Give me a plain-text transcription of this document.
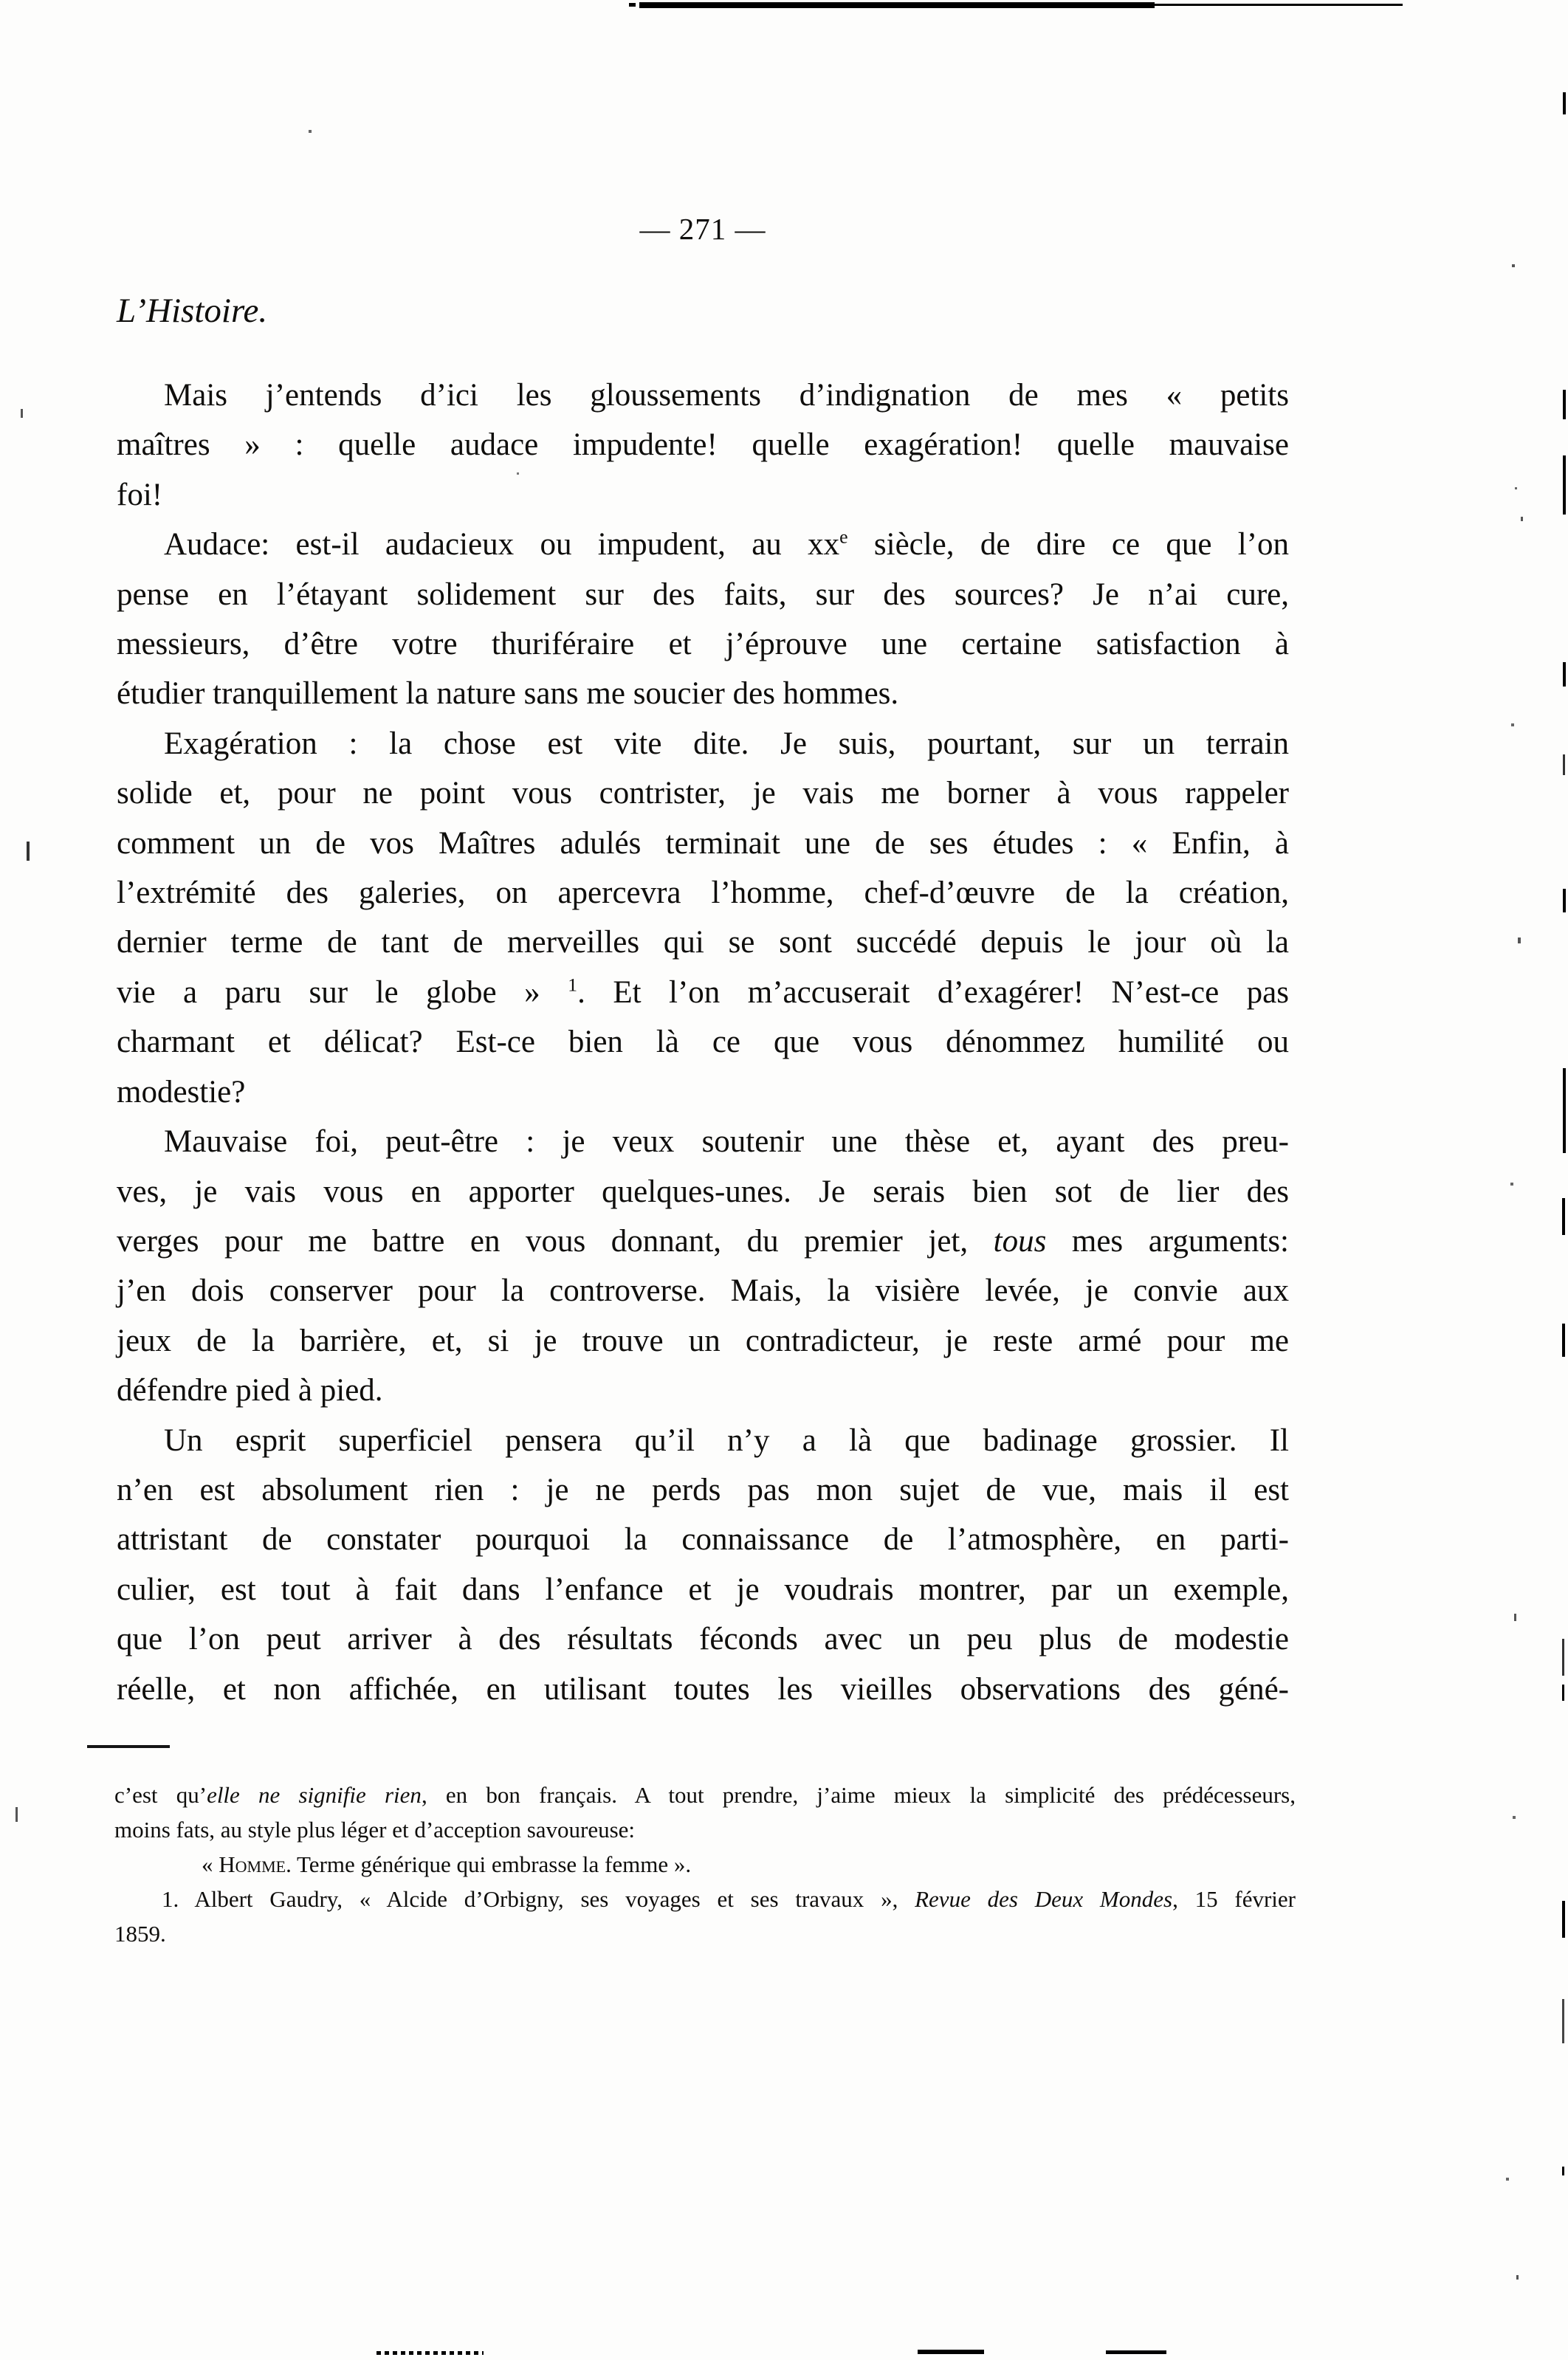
— 271 —
L’Histoire.
Mais j’entends d’ici les gloussements d’indignation de mes « petits
maîtres » : quelle audace impudente! quelle exagération! quelle mauvaise
foi!
Audace: est-il audacieux ou impudent, au $xx^e$ siècle, de dire ce que l’on
pense en l’étayant solidement sur des faits, sur des sources? Je n’ai cure,
messieurs, d’être votre thuriféraire et j’éprouve une certaine satisfaction à
étudier tranquillement la nature sans me soucier des hommes.
Exagération : la chose est vite dite. Je suis, pourtant, sur un terrain
solide et, pour ne point vous contrister, je vais me borner à vous rappeler
comment un de vos Maîtres adulés terminait une de ses études : « Enfin, à
l’extrémité des galeries, on apercevra l’homme, chef-d’œuvre de la création,
dernier terme de tant de merveilles qui se sont succédé depuis le jour où la
vie a paru sur le globe » $^1$. Et l’on m’accuserait d’exagérer! N’est-ce pas
charmant et délicat? Est-ce bien là ce que vous dénommez humilité ou
modestie?
Mauvaise foi, peut-être : je veux soutenir une thèse et, ayant des preu-
ves, je vais vous en apporter quelques-unes. Je serais bien sot de lier des
verges pour me battre en vous donnant, du premier jet, tous mes arguments:
j’en dois conserver pour la controverse. Mais, la visière levée, je convie aux
jeux de la barrière, et, si je trouve un contradicteur, je reste armé pour me
défendre pied à pied.
Un esprit superficiel pensera qu’il n’y a là que badinage grossier. Il
n’en est absolument rien : je ne perds pas mon sujet de vue, mais il est
attristant de constater pourquoi la connaissance de l’atmosphère, en parti-
culier, est tout à fait dans l’enfance et je voudrais montrer, par un exemple,
que l’on peut arriver à des résultats féconds avec un peu plus de modestie
réelle, et non affichée, en utilisant toutes les vieilles observations des géné-
c’est qu’elle ne signifie rien, en bon français. A tout prendre, j’aime mieux la simplicité des prédécesseurs,
moins fats, au style plus léger et d’acception savoureuse:
« Homme. Terme générique qui embrasse la femme ».
1. Albert Gaudry, « Alcide d’Orbigny, ses voyages et ses travaux », Revue des Deux Mondes, 15 février
1859.
